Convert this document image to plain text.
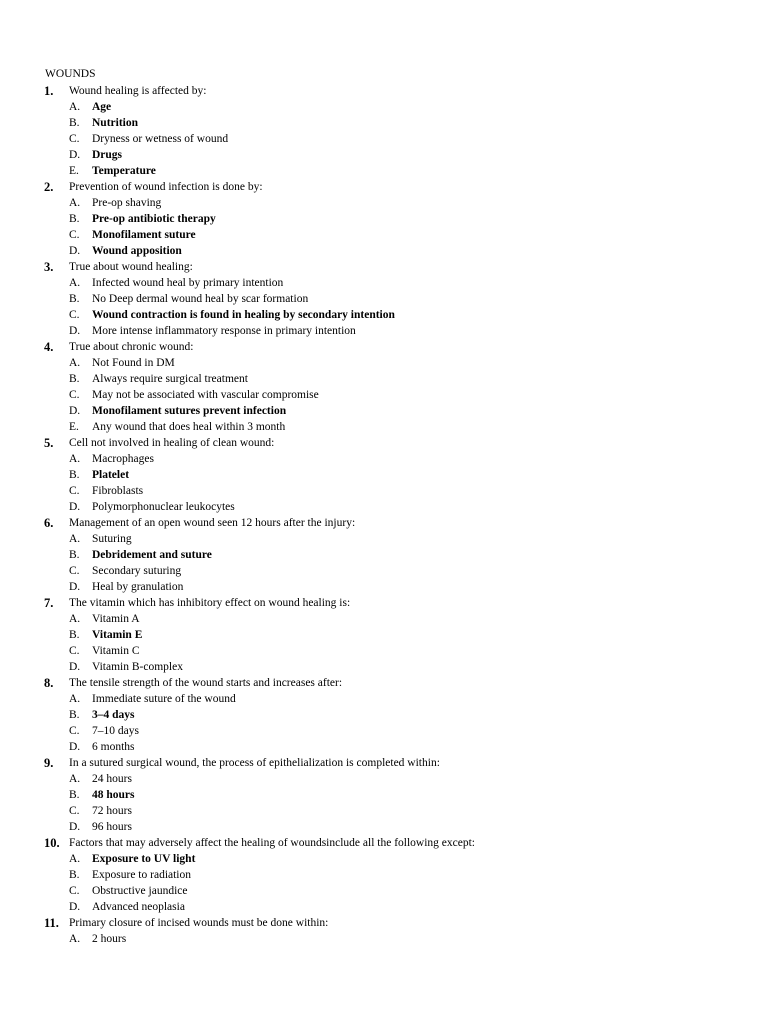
WOUNDS
1. Wound healing is affected by:
A. Age
B. Nutrition
C. Dryness or wetness of wound
D. Drugs
E. Temperature
2. Prevention of wound infection is done by:
A. Pre-op shaving
B. Pre-op antibiotic therapy
C. Monofilament suture
D. Wound apposition
3. True about wound healing:
A. Infected wound heal by primary intention
B. No Deep dermal wound heal by scar formation
C. Wound contraction is found in healing by secondary intention
D. More intense inflammatory response in primary intention
4. True about chronic wound:
A. Not Found in DM
B. Always require surgical treatment
C. May not be associated with vascular compromise
D. Monofilament sutures prevent infection
E. Any wound that does heal within 3 month
5. Cell not involved in healing of clean wound:
A. Macrophages
B. Platelet
C. Fibroblasts
D. Polymorphonuclear leukocytes
6. Management of an open wound seen 12 hours after the injury:
A. Suturing
B. Debridement and suture
C. Secondary suturing
D. Heal by granulation
7. The vitamin which has inhibitory effect on wound healing is:
A. Vitamin A
B. Vitamin E
C. Vitamin C
D. Vitamin B-complex
8. The tensile strength of the wound starts and increases after:
A. Immediate suture of the wound
B. 3–4 days
C. 7–10 days
D. 6 months
9. In a sutured surgical wound, the process of epithelialization is completed within:
A. 24 hours
B. 48 hours
C. 72 hours
D. 96 hours
10. Factors that may adversely affect the healing of woundsinclude all the following except:
A. Exposure to UV light
B. Exposure to radiation
C. Obstructive jaundice
D. Advanced neoplasia
11. Primary closure of incised wounds must be done within:
A. 2 hours
